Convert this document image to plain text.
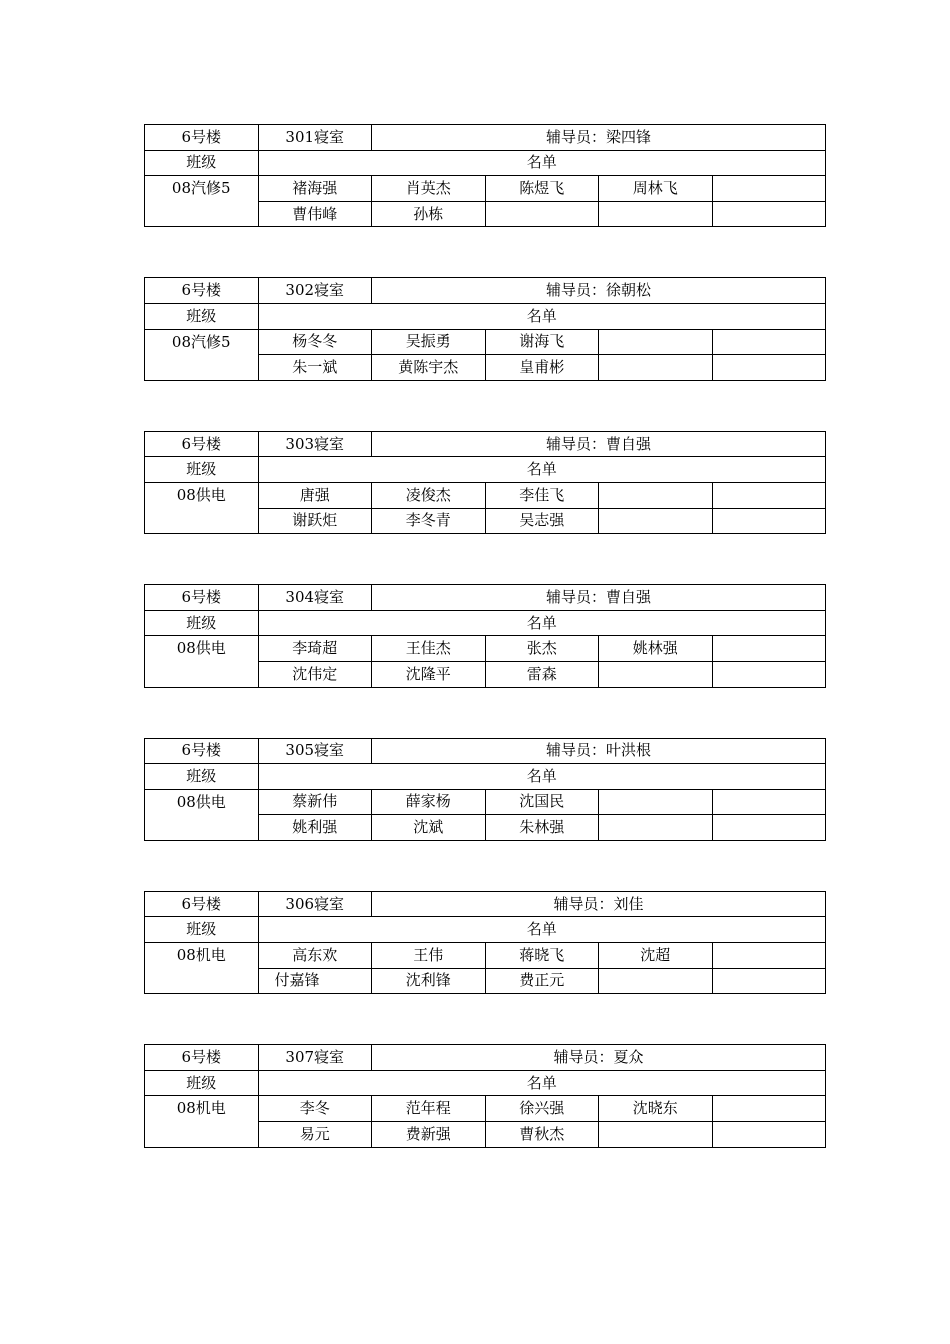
6号楼	301寝室	辅导员：梁四锋			
班级	名单				
08汽修5	褚海强	肖英杰	陈煜飞	周林飞	
	曹伟峰	孙栋			
6号楼	302寝室	辅导员：徐朝松			
班级	名单				
08汽修5	杨冬冬	吴振勇	谢海飞		
	朱一斌	黄陈宇杰	皇甫彬		
6号楼	303寝室	辅导员：曹自强			
班级	名单				
08供电	唐强	凌俊杰	李佳飞		
	谢跃炬	李冬青	吴志强		
6号楼	304寝室	辅导员：曹自强			
班级	名单				
08供电	李琦超	王佳杰	张杰	姚林强	
	沈伟定	沈隆平	雷森		
6号楼	305寝室	辅导员：叶洪根			
班级	名单				
08供电	蔡新伟	薛家杨	沈国民		
	姚利强	沈斌	朱林强		
6号楼	306寝室	辅导员：刘佳			
班级	名单				
08机电	高东欢	王伟	蒋晓飞	沈超	
	付嘉锋	沈利锋	费正元		
6号楼	307寝室	辅导员：夏众			
班级	名单				
08机电	李冬	范年程	徐兴强	沈晓东	
	易元	费新强	曹秋杰		
